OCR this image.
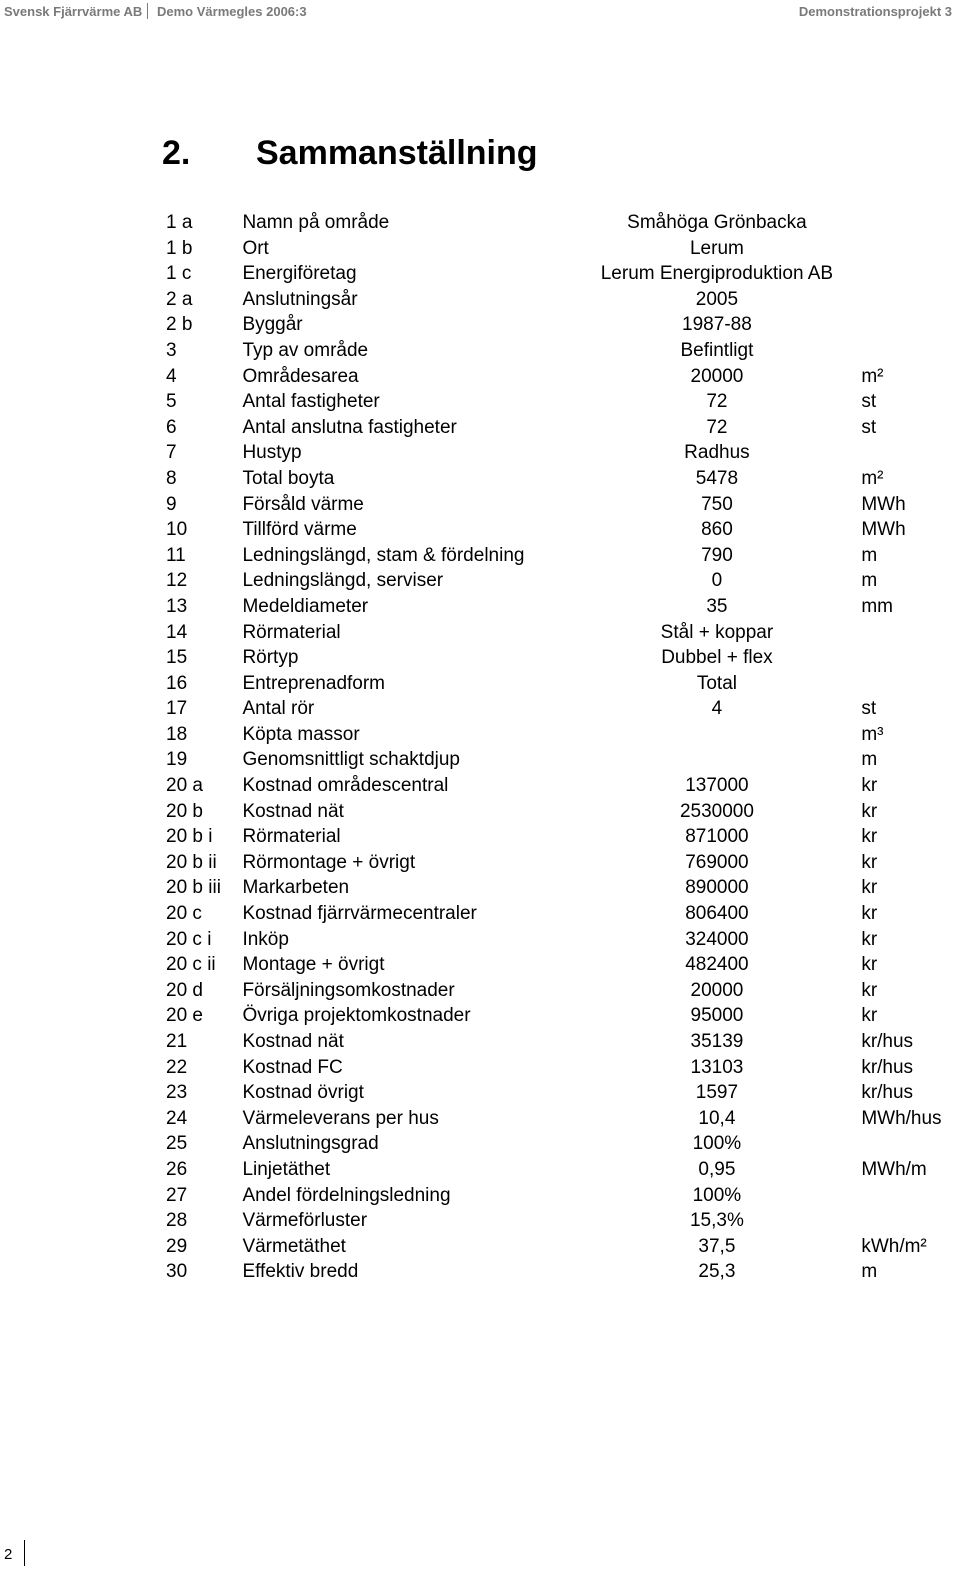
Svensk Fjärrvärme AB Demo Värmegles 2006:3	Demonstrationsprojekt 3
2. Sammanställning
1 a	Namn på område	Småhöga Grönbacka	
1 b	Ort	Lerum	
1 c	Energiföretag	Lerum Energiproduktion AB	
2 a	Anslutningsår	2005	
2 b	Byggår	1987-88	
3	Typ av område	Befintligt	
4	Områdesarea	20000	m²
5	Antal fastigheter	72	st
6	Antal anslutna fastigheter	72	st
7	Hustyp	Radhus	
8	Total boyta	5478	m²
9	Försåld värme	750	MWh
10	Tillförd värme	860	MWh
11	Ledningslängd, stam & fördelning	790	m
12	Ledningslängd, serviser	0	m
13	Medeldiameter	35	mm
14	Rörmaterial	Stål + koppar	
15	Rörtyp	Dubbel + flex	
16	Entreprenadform	Total	
17	Antal rör	4	st
18	Köpta massor		m³
19	Genomsnittligt schaktdjup		m
20 a	Kostnad områdescentral	137000	kr
20 b	Kostnad nät	2530000	kr
20 b i	Rörmaterial	871000	kr
20 b ii	Rörmontage + övrigt	769000	kr
20 b iii	Markarbeten	890000	kr
20 c	Kostnad fjärrvärmecentraler	806400	kr
20 c i	Inköp	324000	kr
20 c ii	Montage + övrigt	482400	kr
20 d	Försäljningsomkostnader	20000	kr
20 e	Övriga projektomkostnader	95000	kr
21	Kostnad nät	35139	kr/hus
22	Kostnad FC	13103	kr/hus
23	Kostnad övrigt	1597	kr/hus
24	Värmeleverans per hus	10,4	MWh/hus
25	Anslutningsgrad	100%	
26	Linjetäthet	0,95	MWh/m
27	Andel fördelningsledning	100%	
28	Värmeförluster	15,3%	
29	Värmetäthet	37,5	kWh/m²
30	Effektiv bredd	25,3	m
2
